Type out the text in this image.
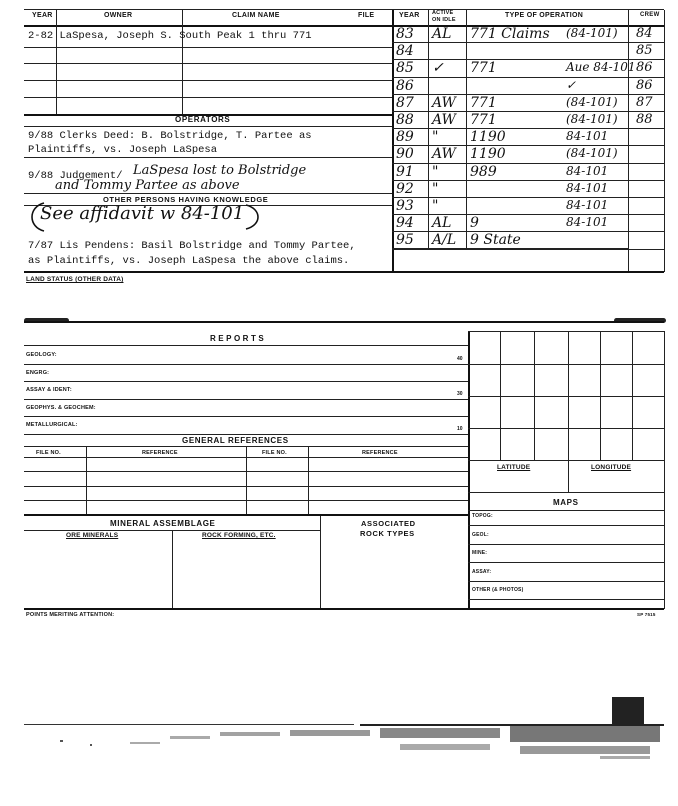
YEAR	OWNER	CLAIM NAME	FILE	YEAR ACTIVE
ON IDLE
TYPE OF OPERATION	CREW
2-82 LaSpesa, Joseph S. South Peak 1 thru 771
OPERATORS
9/88 Clerks Deed: B. Bolstridge, T. Partee as
Plaintiffs, vs. Joseph LaSpesa
9/88 Judgement/ LaSpesa lost to Bolstridge
and Tommy Partee as above
OTHER PERSONS HAVING KNOWLEDGE
See affidavit w 84-101
7/87 Lis Pendens: Basil Bolstridge and Tommy Partee,
as Plaintiffs, vs. Joseph LaSpesa the above claims.
83 AL 771 Claims (84-101) 84
84	85
85 ✓ 771	Aue 84-101 86
86	✓	86
87 AW 771	(84-101) 87
88 AW 771	(84-101) 88
89 " 1190	84-101
90 AW 1190	(84-101)
91 " 989	84-101
92 "	84-101
93 "	84-101
94 AL 9	84-101
95 A/L 9 State
LAND STATUS (OTHER DATA)
REPORTS
GEOLOGY:
40
ENGRG:
ASSAY & IDENT:
30
GEOPHYS. & GEOCHEM:
METALLURGICAL:
10
GENERAL REFERENCES
FILE NO.	REFERENCE	FILE NO.	REFERENCE
LATITUDE	LONGITUDE
MAPS
TOPOG:
GEOL:
MINE:
ASSAY:
OTHER (& PHOTOS)
MINERAL ASSEMBLAGE
ORE MINERALS	ROCK FORMING, ETC.
ASSOCIATED
ROCK TYPES
POINTS MERITING ATTENTION:	SP 7515
